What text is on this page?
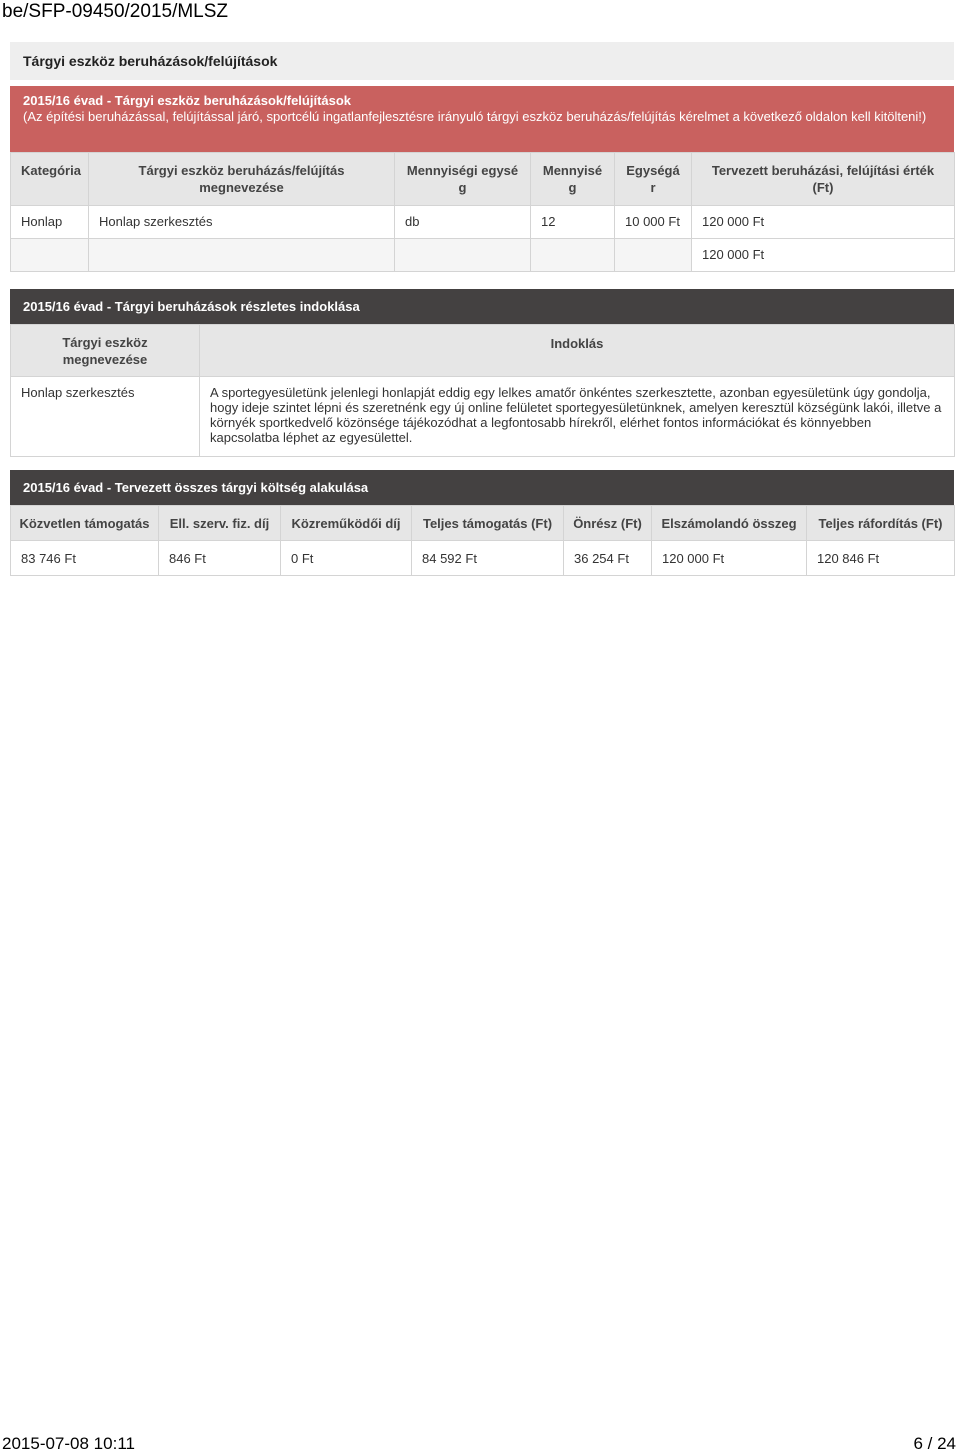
be/SFP-09450/2015/MLSZ
Tárgyi eszköz beruházások/felújítások
2015/16 évad - Tárgyi eszköz beruházások/felújítások
(Az építési beruházással, felújítással járó, sportcélú ingatlanfejlesztésre irányuló tárgyi eszköz beruházás/felújítás kérelmet a következő oldalon kell kitölteni!)
Kategória	Tárgyi eszköz beruházás/felújítás megnevezése	Mennyiségi egysé g	Mennyisé g	Egységá r	Tervezett beruházási, felújítási érték (Ft)
Honlap	Honlap szerkesztés	db	12	10 000 Ft	120 000 Ft
					120 000 Ft
2015/16 évad - Tárgyi beruházások részletes indoklása
Tárgyi eszköz megnevezése	Indoklás
Honlap szerkesztés	A sportegyesületünk jelenlegi honlapját eddig egy lelkes amatőr önkéntes szerkesztette, azonban egyesületünk úgy gondolja, hogy ideje szintet lépni és szeretnénk egy új online felületet sportegyesületünknek, amelyen keresztül községünk lakói, illetve a környék sportkedvelő közönsége tájékozódhat a legfontosabb hírekről, elérhet fontos információkat és könnyebben kapcsolatba léphet az egyesülettel.
2015/16 évad - Tervezett összes tárgyi költség alakulása
Közvetlen támogatás	Ell. szerv. fiz. díj	Közreműködői díj	Teljes támogatás (Ft)	Önrész (Ft)	Elszámolandó összeg	Teljes ráfordítás (Ft)
83 746 Ft	846 Ft	0 Ft	84 592 Ft	36 254 Ft	120 000 Ft	120 846 Ft
2015-07-08 10:11	6 / 24
